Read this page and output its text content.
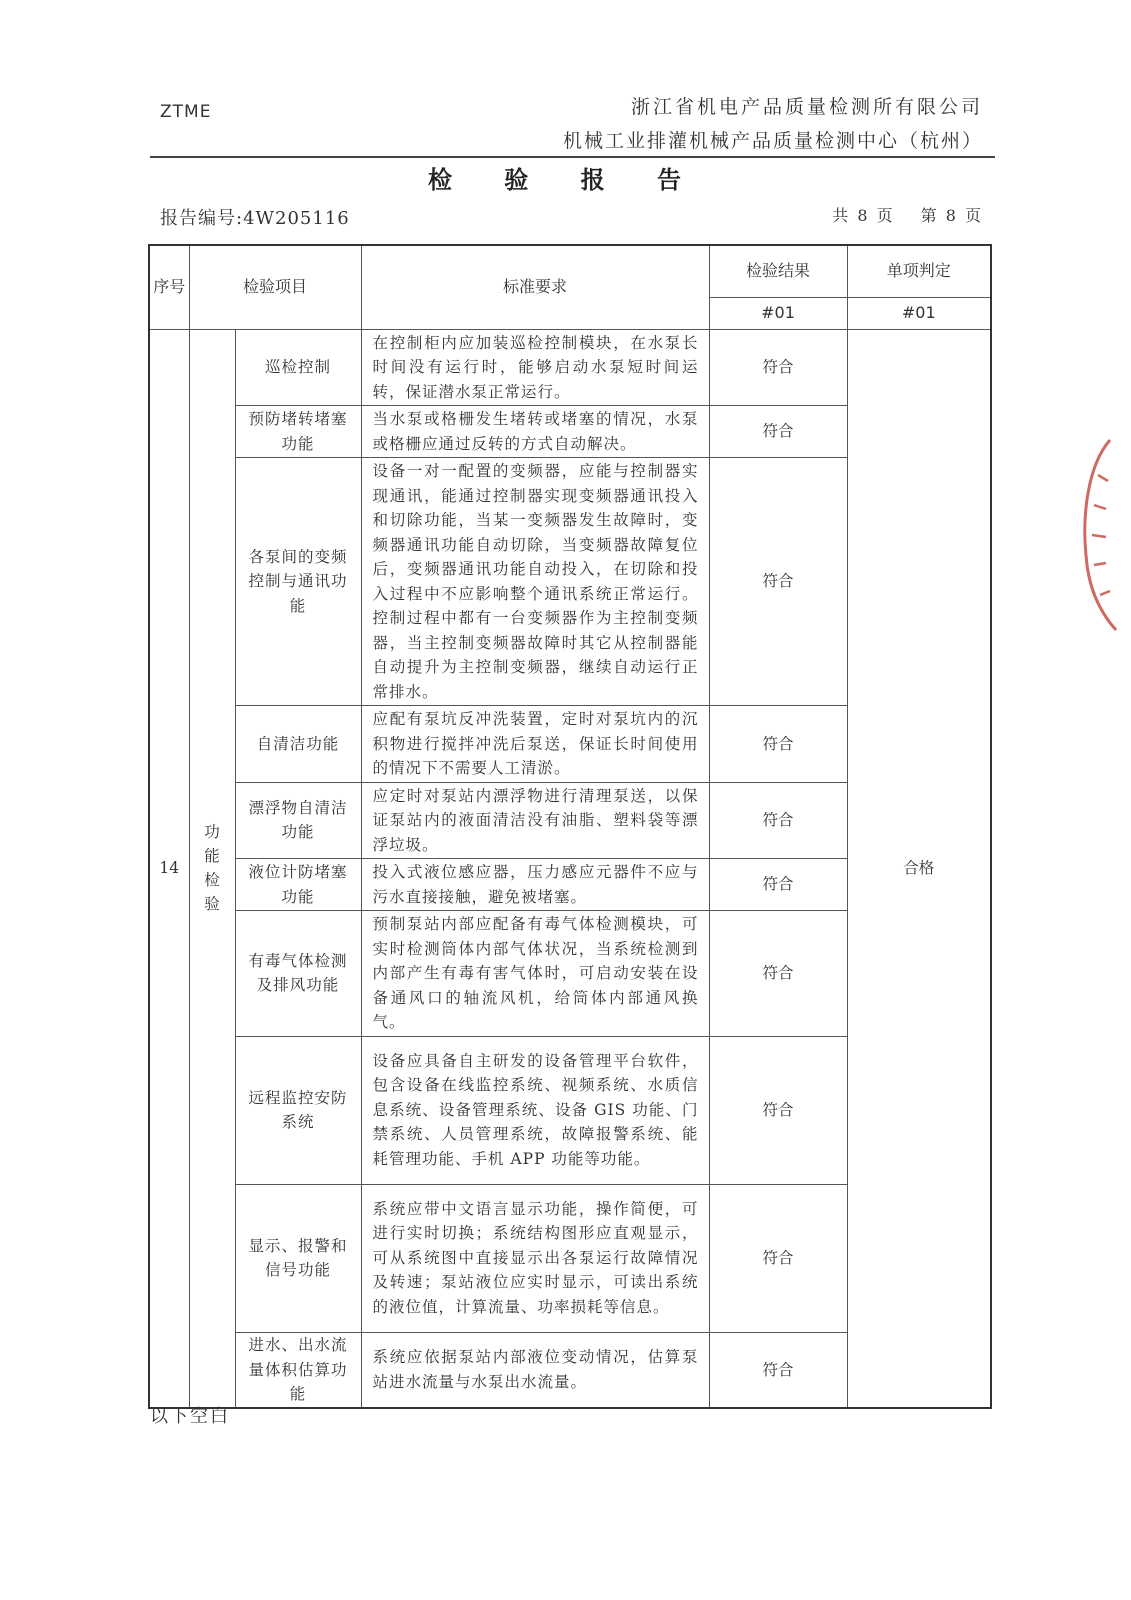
ZTME	浙江省机电产品质量检测所有限公司
机械工业排灌机械产品质量检测中心（杭州）
检 验 报 告
报告编号:4W205116	共 8 页 第 8 页
序号	检验项目		标准要求	检验结果	单项判定
				#01	#01
14	功能检验	巡检控制	在控制柜内应加装巡检控制模块，在水泵长时间没有运行时，能够启动水泵短时间运转，保证潜水泵正常运行。	符合	合格
		预防堵转堵塞功能	当水泵或格栅发生堵转或堵塞的情况，水泵或格栅应通过反转的方式自动解决。	符合	
		各泵间的变频控制与通讯功能	设备一对一配置的变频器，应能与控制器实现通讯，能通过控制器实现变频器通讯投入和切除功能，当某一变频器发生故障时，变频器通讯功能自动切除，当变频器故障复位后，变频器通讯功能自动投入，在切除和投入过程中不应影响整个通讯系统正常运行。控制过程中都有一台变频器作为主控制变频器，当主控制变频器故障时其它从控制器能自动提升为主控制变频器，继续自动运行正常排水。	符合	
		自清洁功能	应配有泵坑反冲洗装置，定时对泵坑内的沉积物进行搅拌冲洗后泵送，保证长时间使用的情况下不需要人工清淤。	符合	
		漂浮物自清洁功能	应定时对泵站内漂浮物进行清理泵送，以保证泵站内的液面清洁没有油脂、塑料袋等漂浮垃圾。	符合	
		液位计防堵塞功能	投入式液位感应器，压力感应元器件不应与污水直接接触，避免被堵塞。	符合	
		有毒气体检测及排风功能	预制泵站内部应配备有毒气体检测模块，可实时检测筒体内部气体状况，当系统检测到内部产生有毒有害气体时，可启动安装在设备通风口的轴流风机，给筒体内部通风换气。	符合	
		远程监控安防系统	设备应具备自主研发的设备管理平台软件，包含设备在线监控系统、视频系统、水质信息系统、设备管理系统、设备 GIS 功能、门禁系统、人员管理系统，故障报警系统、能耗管理功能、手机 APP 功能等功能。	符合	
		显示、报警和信号功能	系统应带中文语言显示功能，操作简便，可进行实时切换；系统结构图形应直观显示，可从系统图中直接显示出各泵运行故障情况及转速；泵站液位应实时显示，可读出系统的液位值，计算流量、功率损耗等信息。	符合	
		进水、出水流量体积估算功能	系统应依据泵站内部液位变动情况，估算泵站进水流量与水泵出水流量。	符合	
以下空白
